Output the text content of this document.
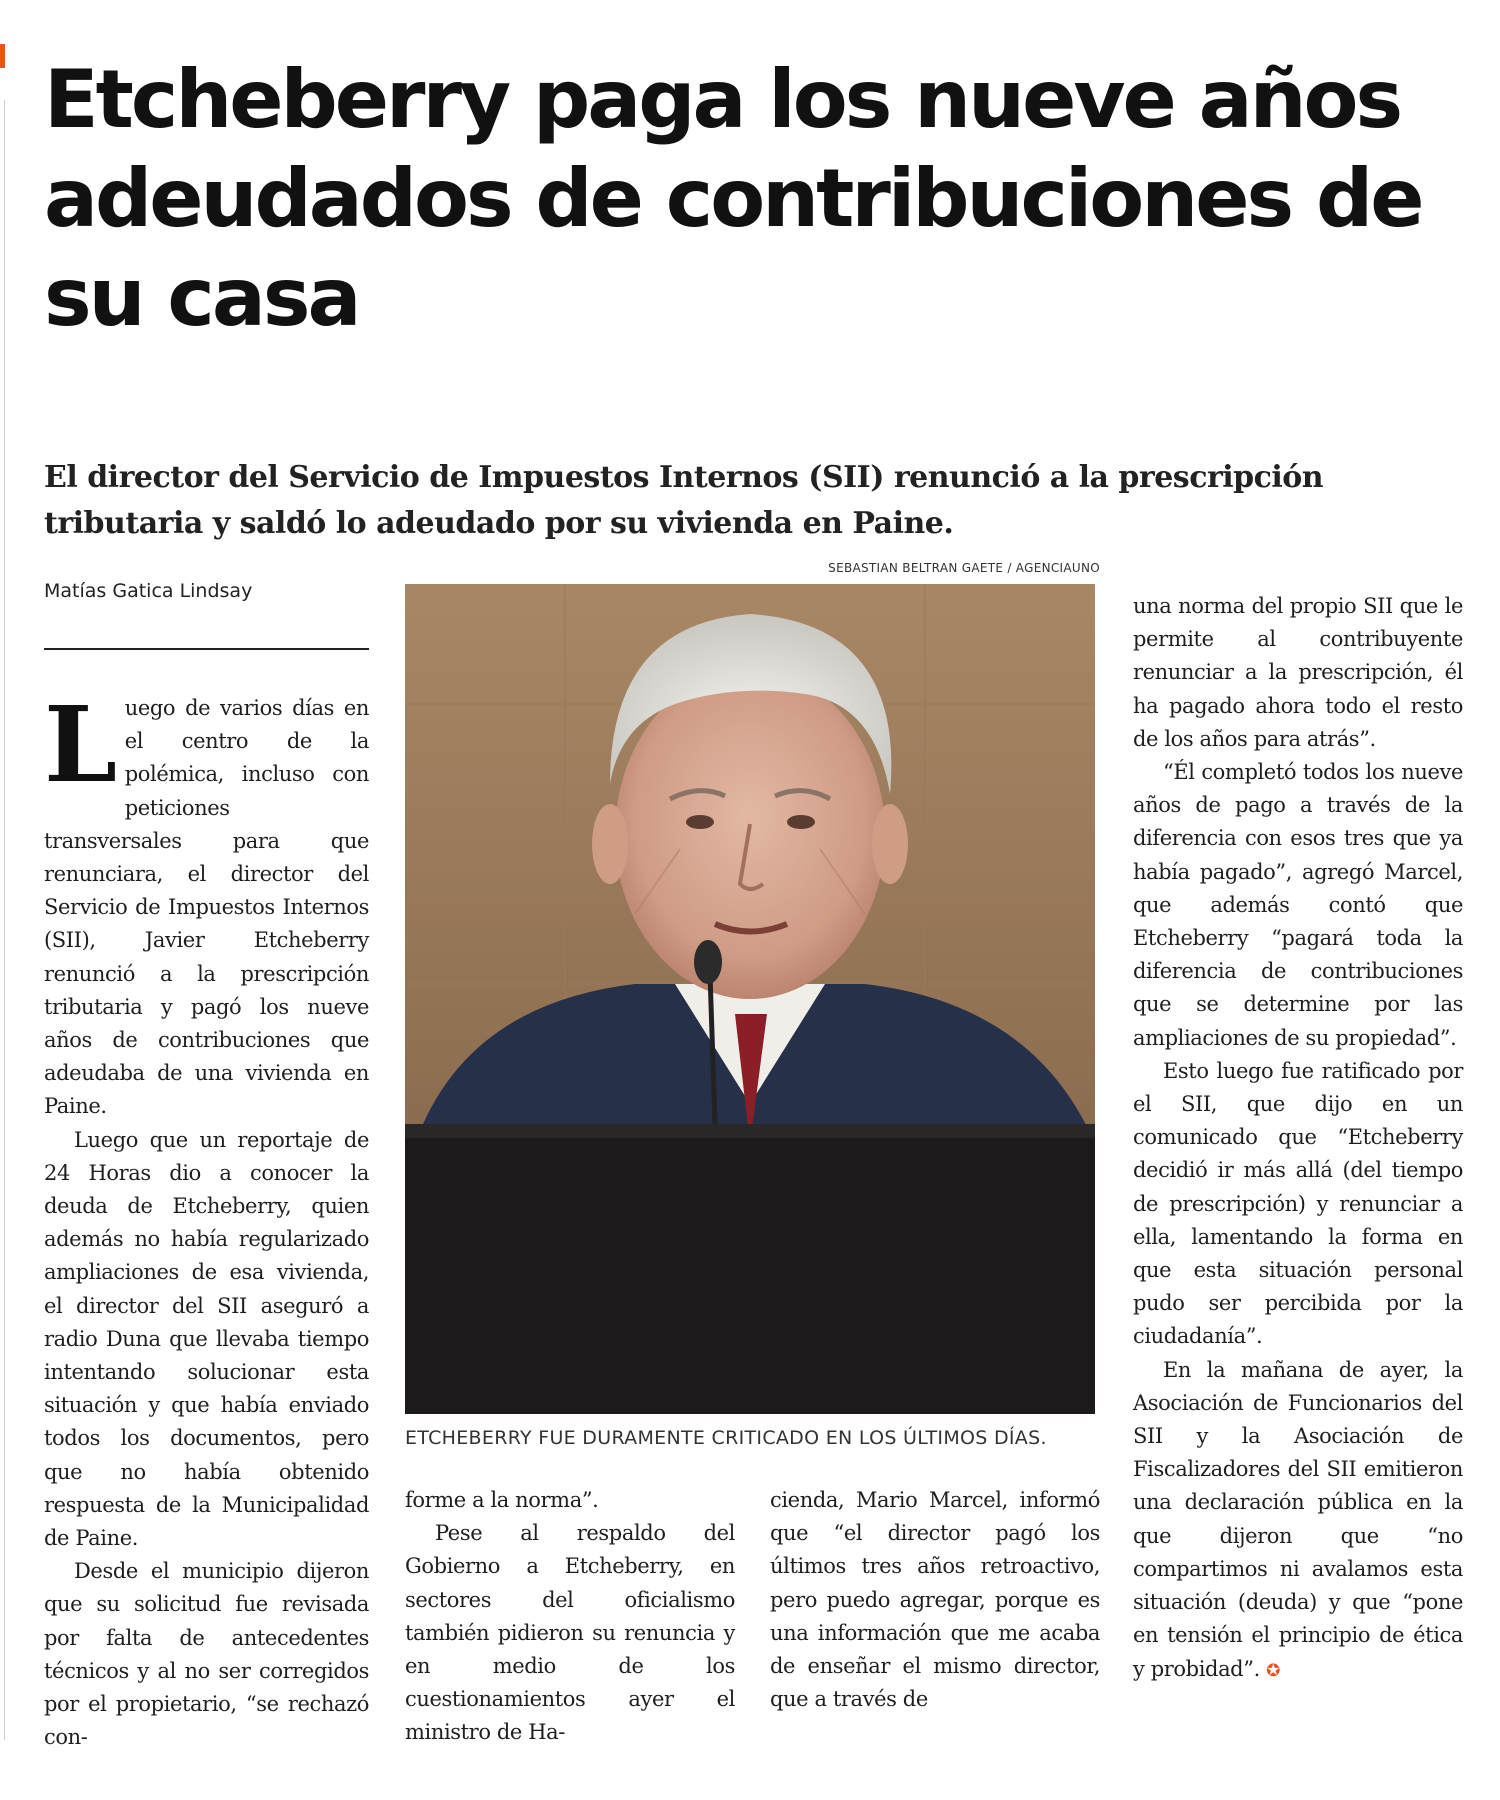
Etcheberry paga los nueve años adeudados de contribuciones de su casa

El director del Servicio de Impuestos Internos (SII) renunció a la prescripción tributaria y saldó lo adeudado por su vivienda en Paine.

Matías Gatica Lindsay

Luego de varios días en el centro de la polémica, incluso con peticiones transversales para que renunciara, el director del Servicio de Impuestos Internos (SII), Javier Etcheberry renunció a la prescripción tributaria y pagó los nueve años de contribuciones que adeudaba de una vivienda en Paine.

Luego que un reportaje de 24 Horas dio a conocer la deuda de Etcheberry, quien además no había regularizado ampliaciones de esa vivienda, el director del SII aseguró a radio Duna que llevaba tiempo intentando solucionar esta situación y que había enviado todos los documentos, pero que no había obtenido respuesta de la Municipalidad de Paine.

Desde el municipio dijeron que su solicitud fue revisada por falta de antecedentes técnicos y al no ser corregidos por el propietario, “se rechazó con-

SEBASTIAN BELTRAN GAETE / AGENCIAUNO

ETCHEBERRY FUE DURAMENTE CRITICADO EN LOS ÚLTIMOS DÍAS.

forme a la norma”.

Pese al respaldo del Gobierno a Etcheberry, en sectores del oficialismo también pidieron su renuncia y en medio de los cuestionamientos ayer el ministro de Ha-

cienda, Mario Marcel, informó que “el director pagó los últimos tres años retroactivo, pero puedo agregar, porque es una información que me acaba de enseñar el mismo director, que a través de

una norma del propio SII que le permite al contribuyente renunciar a la prescripción, él ha pagado ahora todo el resto de los años para atrás”.

“Él completó todos los nueve años de pago a través de la diferencia con esos tres que ya había pagado”, agregó Marcel, que además contó que Etcheberry “pagará toda la diferencia de contribuciones que se determine por las ampliaciones de su propiedad”.

Esto luego fue ratificado por el SII, que dijo en un comunicado que “Etcheberry decidió ir más allá (del tiempo de prescripción) y renunciar a ella, lamentando la forma en que esta situación personal pudo ser percibida por la ciudadanía”.

En la mañana de ayer, la Asociación de Funcionarios del SII y la Asociación de Fiscalizadores del SII emitieron una declaración pública en la que dijeron que “no compartimos ni avalamos esta situación (deuda) y que “pone en tensión el principio de ética y probidad”. ✪
